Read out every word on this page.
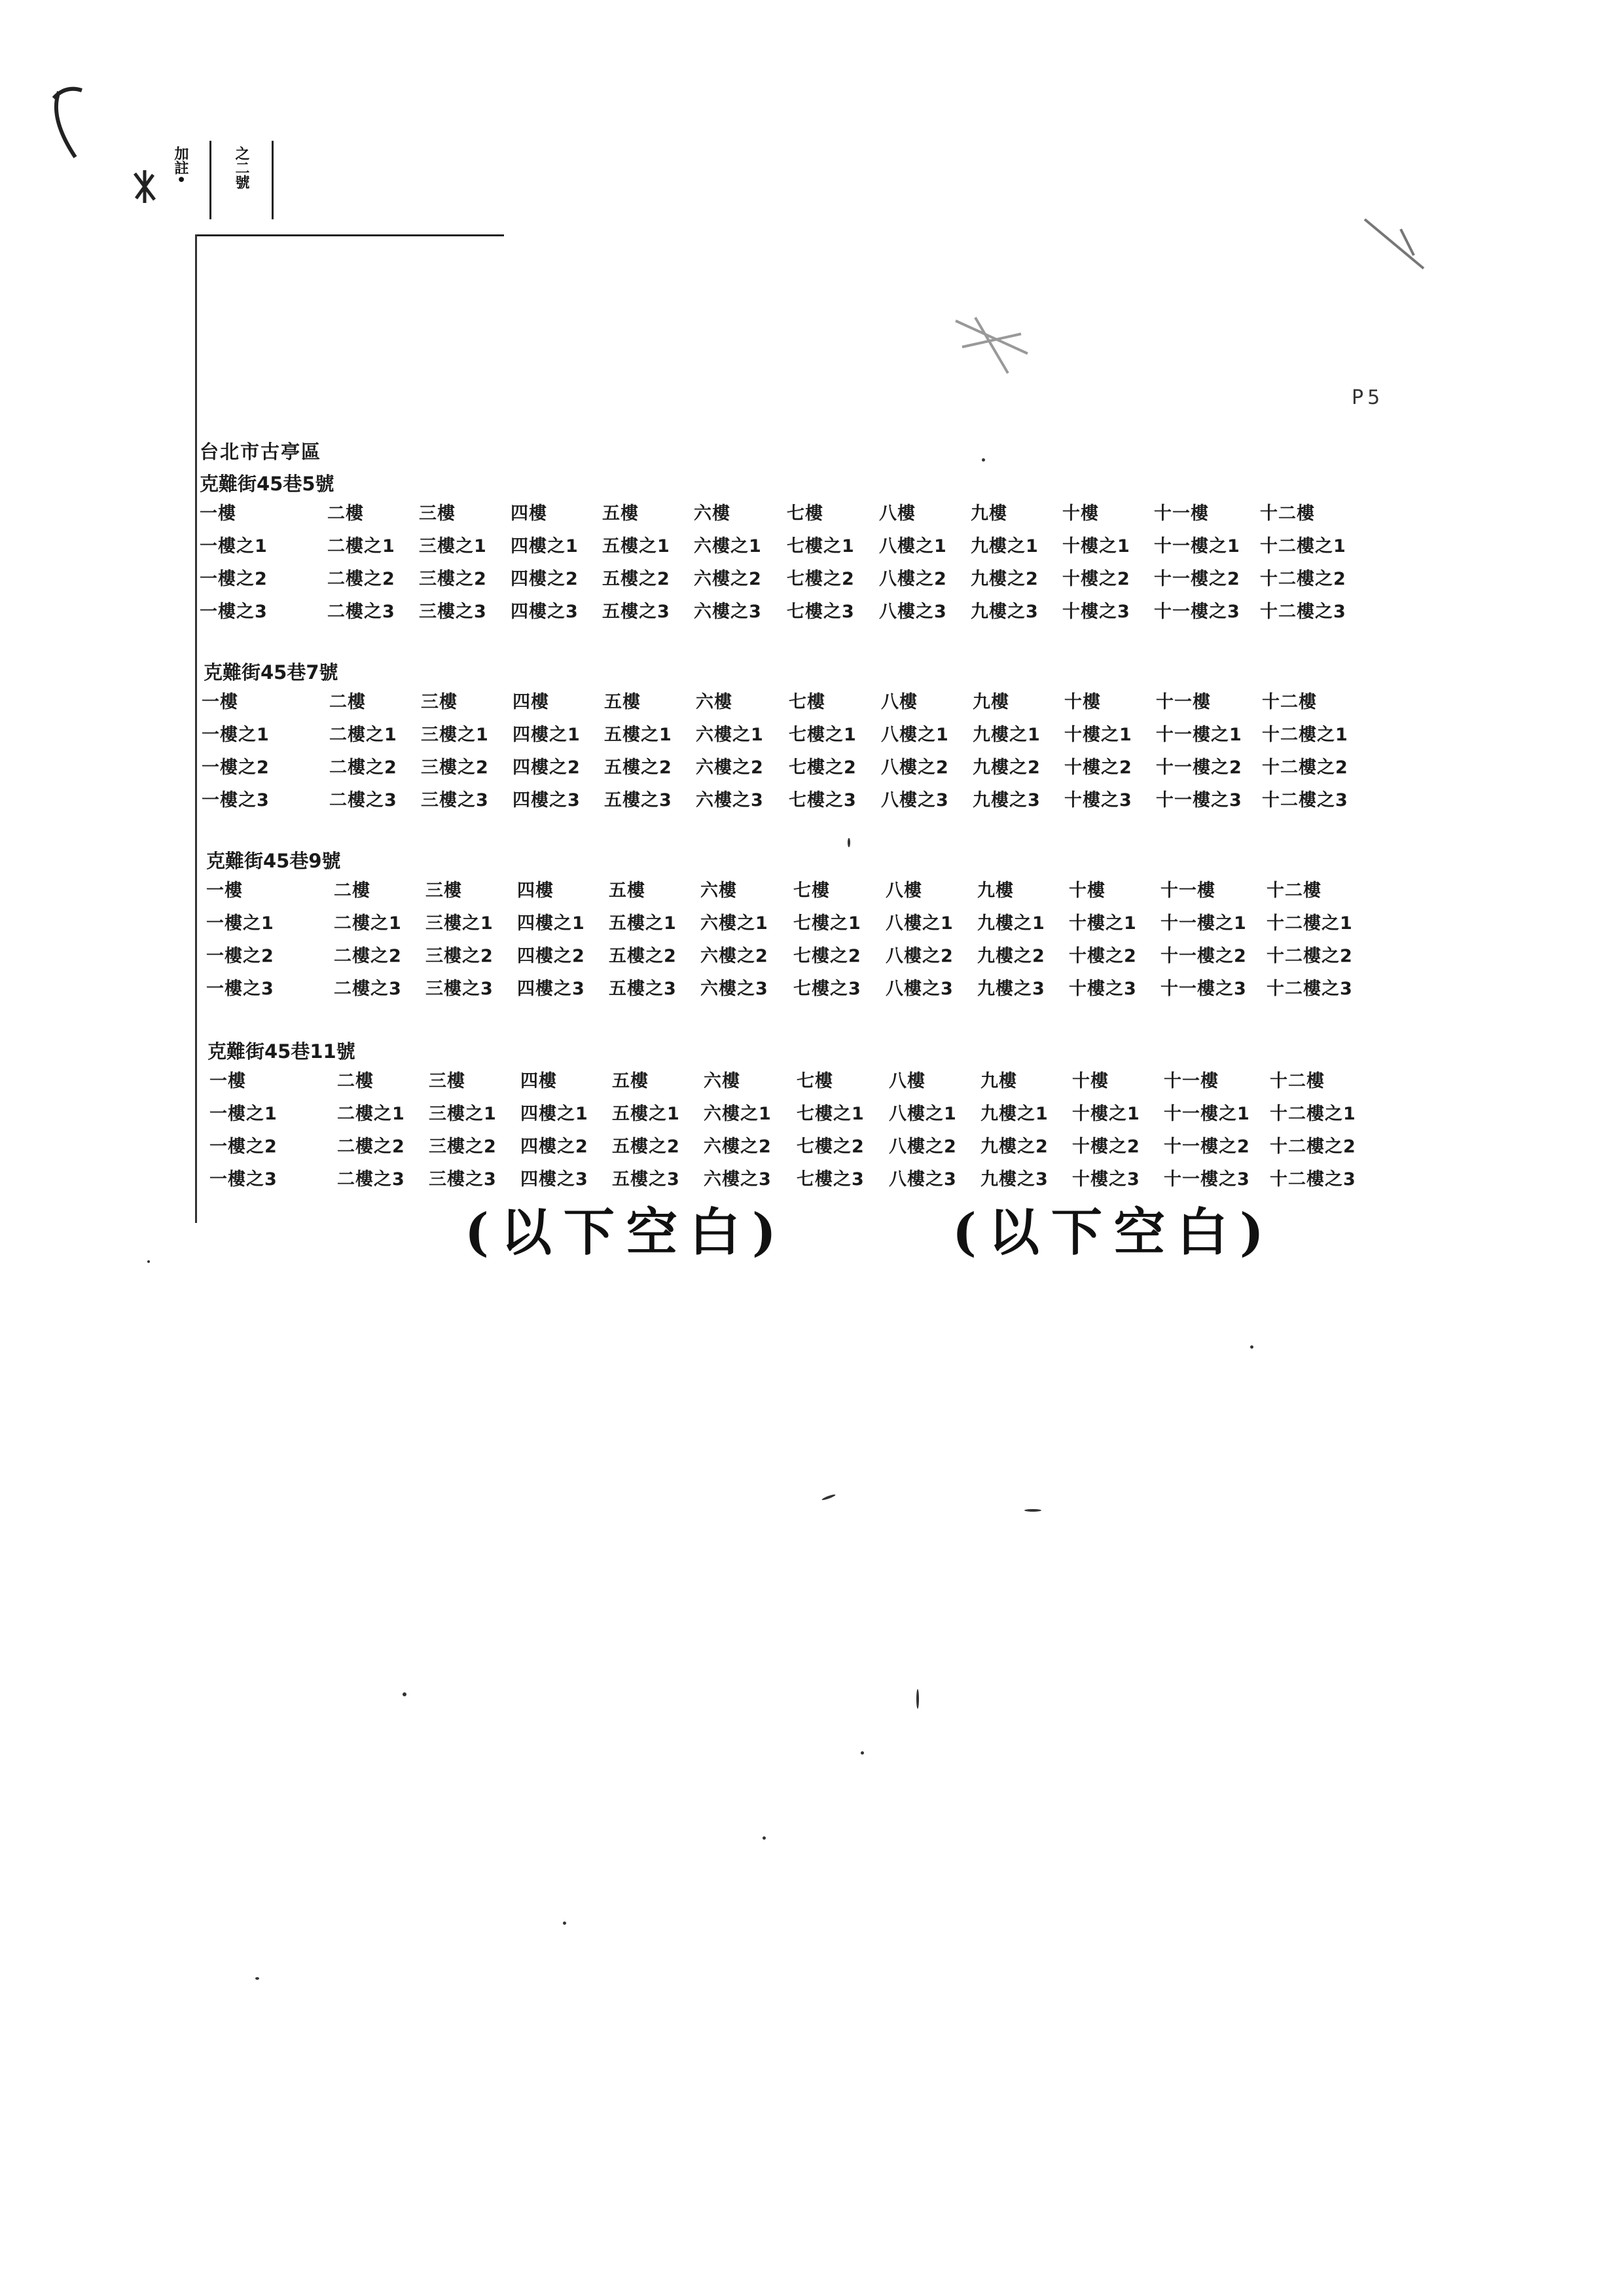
加註•	之二號
P5
台北市古亭區
克難街45巷5號
一樓	二樓	三樓	四樓	五樓	六樓	七樓	八樓	九樓	十樓	十一樓	十二樓
一樓之1	二樓之1 三樓之1 四樓之1 五樓之1 六樓之1 七樓之1 八樓之1 九樓之1 十樓之1 十一樓之1 十二樓之1
一樓之2	二樓之2 三樓之2 四樓之2 五樓之2 六樓之2 七樓之2 八樓之2 九樓之2 十樓之2 十一樓之2 十二樓之2
一樓之3	二樓之3 三樓之3 四樓之3 五樓之3 六樓之3 七樓之3 八樓之3 九樓之3 十樓之3 十一樓之3 十二樓之3
克難街45巷7號
一樓	二樓	三樓	四樓	五樓	六樓	七樓	八樓	九樓	十樓	十一樓	十二樓
一樓之1	二樓之1 三樓之1 四樓之1 五樓之1 六樓之1 七樓之1 八樓之1 九樓之1 十樓之1 十一樓之1 十二樓之1
一樓之2	二樓之2 三樓之2 四樓之2 五樓之2 六樓之2 七樓之2 八樓之2 九樓之2 十樓之2 十一樓之2 十二樓之2
一樓之3	二樓之3 三樓之3 四樓之3 五樓之3 六樓之3 七樓之3 八樓之3 九樓之3 十樓之3 十一樓之3 十二樓之3
克難街45巷9號
一樓	二樓	三樓	四樓	五樓	六樓	七樓	八樓	九樓	十樓	十一樓	十二樓
一樓之1	二樓之1 三樓之1 四樓之1 五樓之1 六樓之1 七樓之1 八樓之1 九樓之1 十樓之1 十一樓之1 十二樓之1
一樓之2	二樓之2 三樓之2 四樓之2 五樓之2 六樓之2 七樓之2 八樓之2 九樓之2 十樓之2 十一樓之2 十二樓之2
一樓之3	二樓之3 三樓之3 四樓之3 五樓之3 六樓之3 七樓之3 八樓之3 九樓之3 十樓之3 十一樓之3 十二樓之3
克難街45巷11號
一樓	二樓	三樓	四樓	五樓	六樓	七樓	八樓	九樓	十樓	十一樓	十二樓
一樓之1	二樓之1 三樓之1 四樓之1 五樓之1 六樓之1 七樓之1 八樓之1 九樓之1 十樓之1 十一樓之1 十二樓之1
一樓之2	二樓之2 三樓之2 四樓之2 五樓之2 六樓之2 七樓之2 八樓之2 九樓之2 十樓之2 十一樓之2 十二樓之2
一樓之3	二樓之3 三樓之3 四樓之3 五樓之3 六樓之3 七樓之3 八樓之3 九樓之3 十樓之3 十一樓之3 十二樓之3
(以下空白)	(以下空白)
